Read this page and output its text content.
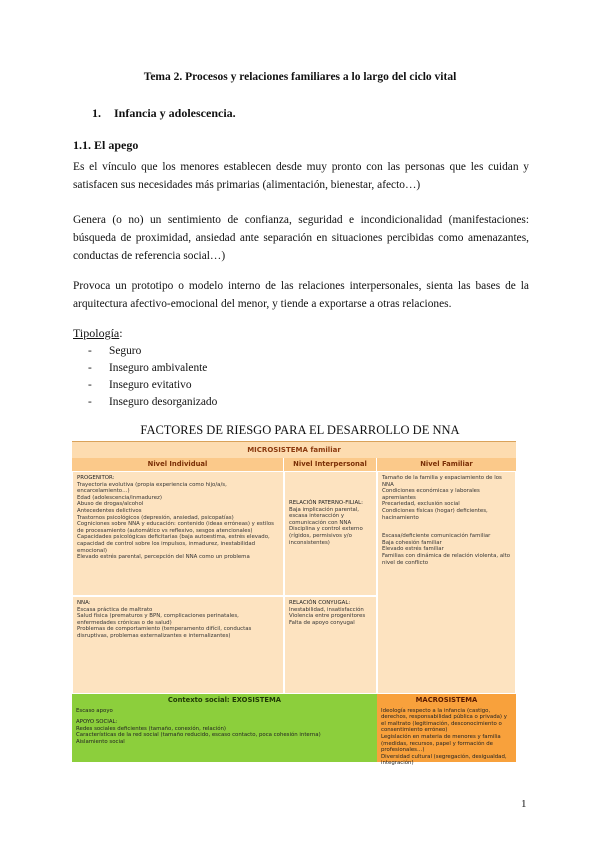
Tema 2. Procesos y relaciones familiares a lo largo del ciclo vital
1. Infancia y adolescencia.
1.1. El apego

Es el vínculo que los menores establecen desde muy pronto con las personas que les cuidan y satisfacen sus necesidades más primarias (alimentación, bienestar, afecto…)

Genera (o no) un sentimiento de confianza, seguridad e incondicionalidad (manifestaciones: búsqueda de proximidad, ansiedad ante separación en situaciones percibidas como amenazantes, conductas de referencia social…)

Provoca un prototipo o modelo interno de las relaciones interpersonales, sienta las bases de la arquitectura afectivo-emocional del menor, y tiende a exportarse a otras relaciones.

Tipología:
- Seguro
- Inseguro ambivalente
- Inseguro evitativo
- Inseguro desorganizado
FACTORES DE RIESGO PARA EL DESARROLLO DE NNA
MICROSISTEMA familiar
Nivel Individual	Nivel Interpersonal	Nivel Familiar
PROGENITOR:
Trayectoria evolutiva (propia experiencia como hijo/a/s, encarcelamiento…)
Edad (adolescencia/inmadurez)
Abuso de drogas/alcohol
Antecedentes delictivos
Trastornos psicológicos (depresión, ansiedad, psicopatías)
Cogniciones sobre NNA y educación: contenido (ideas erróneas) y estilos de procesamiento (automático vs reflexivo, sesgos atencionales)
Capacidades psicológicas deficitarias (baja autoestima, estrés elevado, capacidad de control sobre los impulsos, inmadurez, inestabilidad emocional)
Elevado estrés parental, percepción del NNA como un problema
NNA:
Escasa práctica de maltrato
Salud física (prematuros y BPN, complicaciones perinatales, enfermedades crónicas o de salud)
Problemas de comportamiento (temperamento difícil, conductas disruptivas, problemas externalizantes e internalizantes)
RELACIÓN PATERNO-FILIAL:
Baja implicación parental, escasa interacción y comunicación con NNA
Disciplina y control externo (rígidos, permisivos y/o inconsistentes)
RELACIÓN CONYUGAL:
Inestabilidad, insatisfacción
Violencia entre progenitores
Falta de apoyo conyugal
Tamaño de la familia y espaciamiento de los NNA
Condiciones económicas y laborales apremiantes
Precariedad, exclusión social
Condiciones físicas (hogar) deficientes, hacinamiento
Escasa/deficiente comunicación familiar
Baja cohesión familiar
Elevado estrés familiar
Familias con dinámica de relación violenta, alto nivel de conflicto
Contexto social: EXOSISTEMA
Escaso apoyo
APOYO SOCIAL:
Redes sociales deficientes (tamaño, conexión, relación)
Características de la red social (tamaño reducido, escaso contacto, poca cohesión interna)
Aislamiento social
MACROSISTEMA
Ideología respecto a la infancia (castigo, derechos, responsabilidad pública o privada) y el maltrato (legitimación, desconocimiento o consentimiento erróneo)
Legislación en materia de menores y familia (medidas, recursos, papel y formación de profesionales…)
Diversidad cultural (segregación, desigualdad, integración)
1
